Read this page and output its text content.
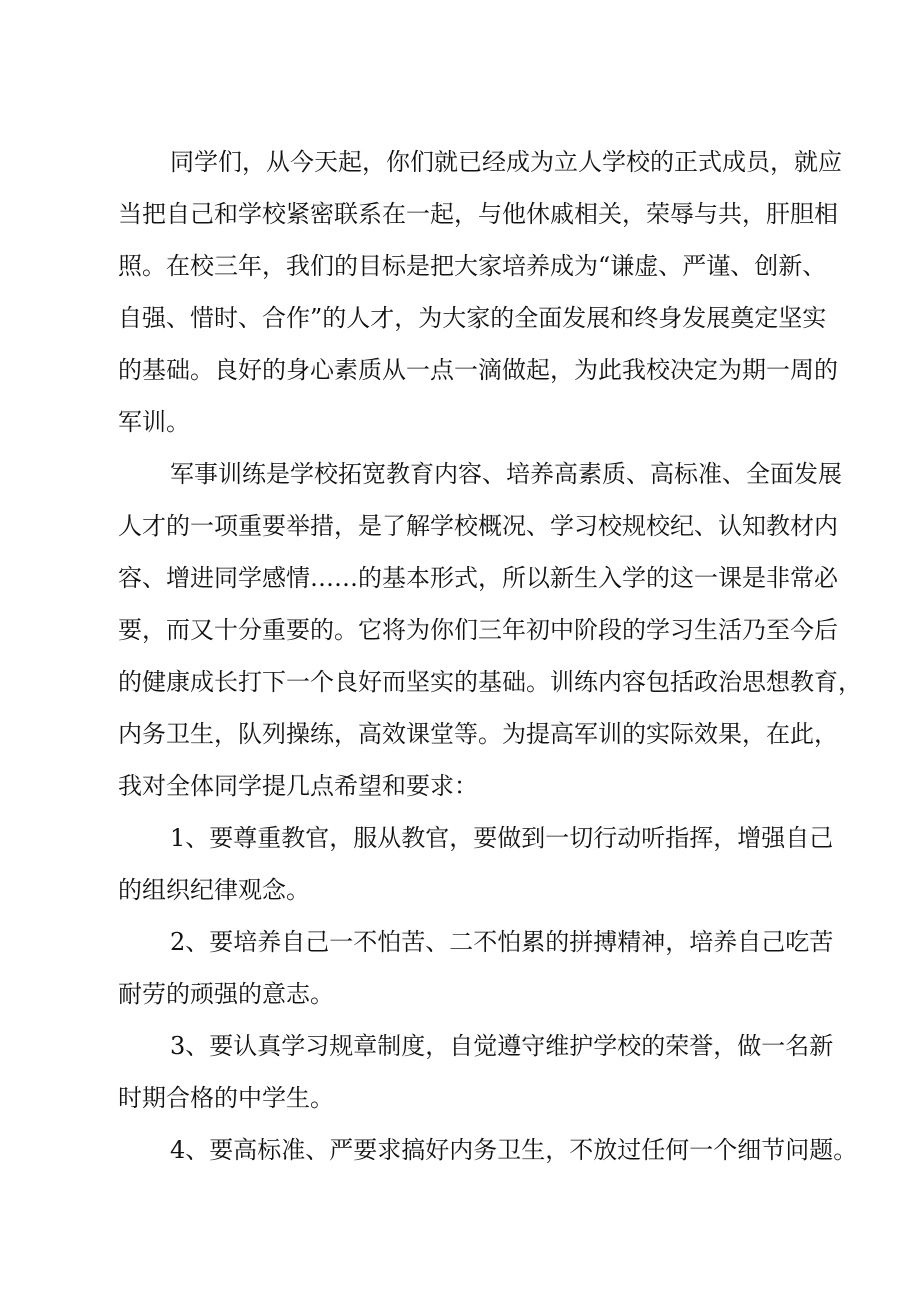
同学们，从今天起，你们就已经成为立人学校的正式成员，就应

当把自己和学校紧密联系在一起，与他休戚相关，荣辱与共，肝胆相

照。在校三年，我们的目标是把大家培养成为“谦虚、严谨、创新、

自强、惜时、合作”的人才，为大家的全面发展和终身发展奠定坚实

的基础。良好的身心素质从一点一滴做起，为此我校决定为期一周的

军训。

军事训练是学校拓宽教育内容、培养高素质、高标准、全面发展

人才的一项重要举措，是了解学校概况、学习校规校纪、认知教材内

容、增进同学感情……的基本形式，所以新生入学的这一课是非常必

要，而又十分重要的。它将为你们三年初中阶段的学习生活乃至今后

的健康成长打下一个良好而坚实的基础。训练内容包括政治思想教育，

内务卫生，队列操练，高效课堂等。为提高军训的实际效果，在此，

我对全体同学提几点希望和要求：

1、要尊重教官，服从教官，要做到一切行动听指挥，增强自己

的组织纪律观念。

2、要培养自己一不怕苦、二不怕累的拼搏精神，培养自己吃苦

耐劳的顽强的意志。

3、要认真学习规章制度，自觉遵守维护学校的荣誉，做一名新

时期合格的中学生。

4、要高标准、严要求搞好内务卫生，不放过任何一个细节问题。
